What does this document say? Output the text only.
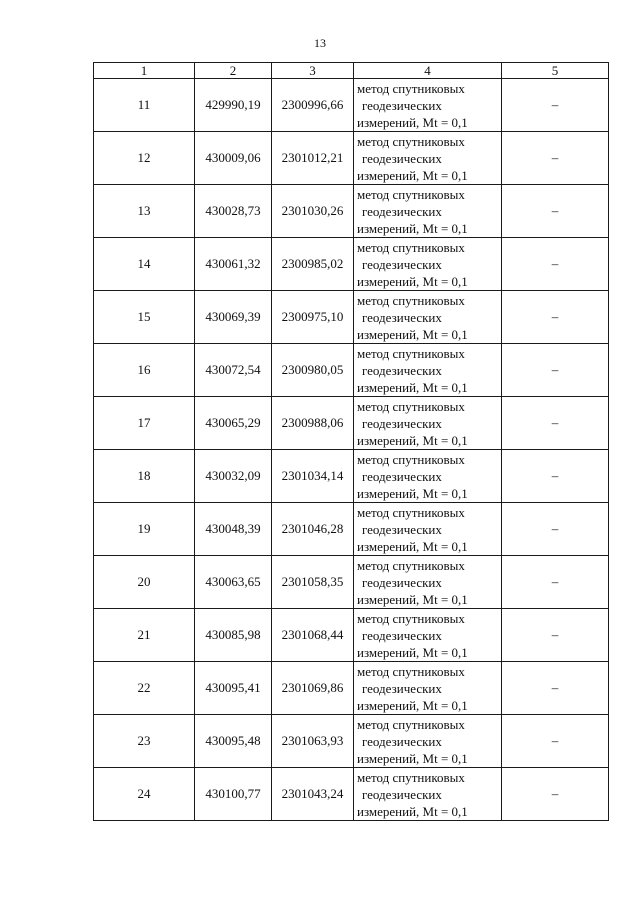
13
1	2	3	4	5
11	429990,19	2300996,66	метод спутниковых
геодезических
измерений, Mt = 0,1	–
12	430009,06	2301012,21	метод спутниковых
геодезических
измерений, Mt = 0,1	–
13	430028,73	2301030,26	метод спутниковых
геодезических
измерений, Mt = 0,1	–
14	430061,32	2300985,02	метод спутниковых
геодезических
измерений, Mt = 0,1	–
15	430069,39	2300975,10	метод спутниковых
геодезических
измерений, Mt = 0,1	–
16	430072,54	2300980,05	метод спутниковых
геодезических
измерений, Mt = 0,1	–
17	430065,29	2300988,06	метод спутниковых
геодезических
измерений, Mt = 0,1	–
18	430032,09	2301034,14	метод спутниковых
геодезических
измерений, Mt = 0,1	–
19	430048,39	2301046,28	метод спутниковых
геодезических
измерений, Mt = 0,1	–
20	430063,65	2301058,35	метод спутниковых
геодезических
измерений, Mt = 0,1	–
21	430085,98	2301068,44	метод спутниковых
геодезических
измерений, Mt = 0,1	–
22	430095,41	2301069,86	метод спутниковых
геодезических
измерений, Mt = 0,1	–
23	430095,48	2301063,93	метод спутниковых
геодезических
измерений, Mt = 0,1	–
24	430100,77	2301043,24	метод спутниковых
геодезических
измерений, Mt = 0,1	–
